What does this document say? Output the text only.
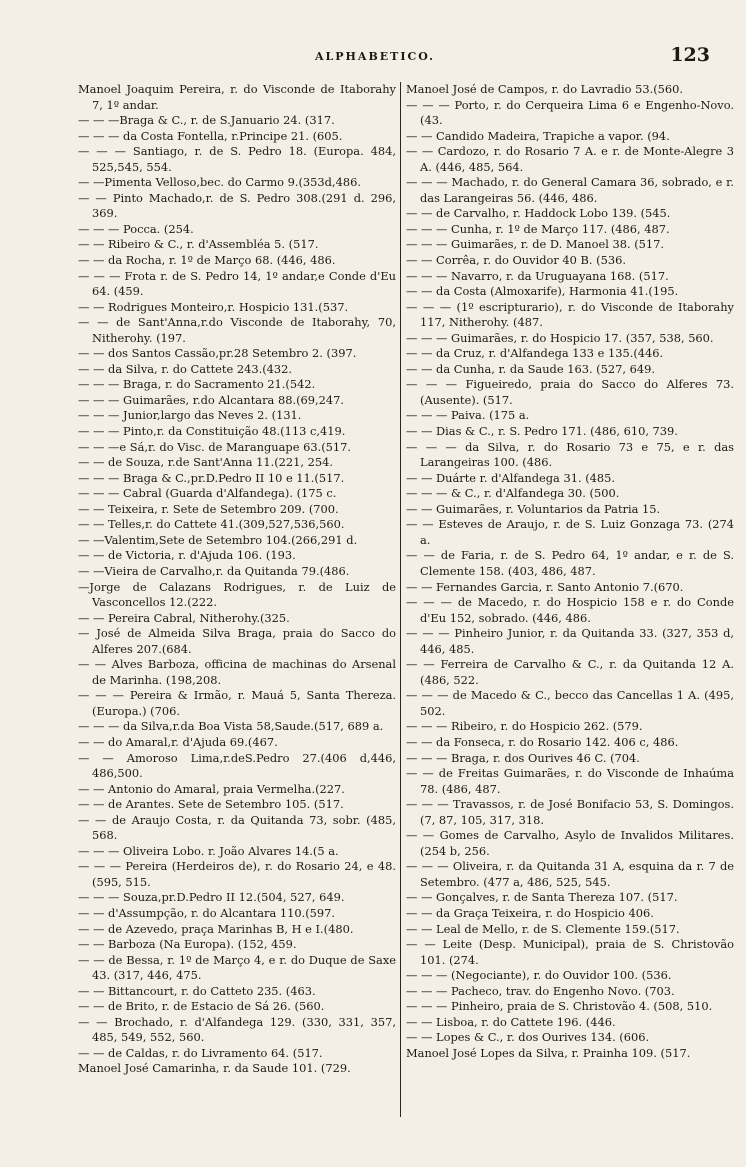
ALPHABETICO.	123
Manoel Joaquim Pereira, r. do Visconde de Itaborahy 7, 1º andar.
— — —Braga & C., r. de S.Januario 24. (317.
— — — da Costa Fontella, r.Principe 21. (605.
— — — Santiago, r. de S. Pedro 18. (Europa. 484, 525,545, 554.
— —Pimenta Velloso,bec. do Carmo 9.(353d,486.
— — Pinto Machado,r. de S. Pedro 308.(291 d. 296, 369.
— — — Pocca. (254.
— — Ribeiro & C., r. d'Assembléa 5. (517.
— — da Rocha, r. 1º de Março 68. (446, 486.
— — — Frota r. de S. Pedro 14, 1º andar,e Conde d'Eu 64. (459.
— — Rodrigues Monteiro,r. Hospicio 131.(537.
— — de Sant'Anna,r.do Visconde de Itaborahy, 70, Nitherohy. (197.
— — dos Santos Cassão,pr.28 Setembro 2. (397.
— — da Silva, r. do Cattete 243.(432.
— — — Braga, r. do Sacramento 21.(542.
— — — Guimarães, r.do Alcantara 88.(69,247.
— — — Junior,largo das Neves 2. (131.
— — — Pinto,r. da Constituição 48.(113 c,419.
— — —e Sá,r. do Visc. de Maranguape 63.(517.
— — de Souza, r.de Sant'Anna 11.(221, 254.
— — — Braga & C.,pr.D.Pedro II 10 e 11.(517.
— — — Cabral (Guarda d'Alfandega). (175 c.
— — Teixeira, r. Sete de Setembro 209. (700.
— — Telles,r. do Cattete 41.(309,527,536,560.
— —Valentim,Sete de Setembro 104.(266,291 d.
— — de Victoria, r. d'Ajuda 106. (193.
— —Vieira de Carvalho,r. da Quitanda 79.(486.
—Jorge de Calazans Rodrigues, r. de Luiz de Vasconcellos 12.(222.
— — Pereira Cabral, Nitherohy.(325.
— José de Almeida Silva Braga, praia do Sacco do Alferes 207.(684.
— — Alves Barboza, officina de machinas do Arsenal de Marinha. (198,208.
— — — Pereira & Irmão, r. Mauá 5, Santa Thereza. (Europa.) (706.
— — — da Silva,r.da Boa Vista 58,Saude.(517, 689 a.
— — do Amaral,r. d'Ajuda 69.(467.
— — Amoroso Lima,r.deS.Pedro 27.(406 d,446, 486,500.
— — Antonio do Amaral, praia Vermelha.(227.
— — de Arantes. Sete de Setembro 105. (517.
— — de Araujo Costa, r. da Quitanda 73, sobr. (485, 568.
— — — Oliveira Lobo. r. João Alvares 14.(5 a.
— — — Pereira (Herdeiros de), r. do Rosario 24, e 48. (595, 515.
— — — Souza,pr.D.Pedro II 12.(504, 527, 649.
— — d'Assumpção, r. do Alcantara 110.(597.
— — de Azevedo, praça Marinhas B, H e I.(480.
— — Barboza (Na Europa). (152, 459.
— — de Bessa, r. 1º de Março 4, e r. do Duque de Saxe 43. (317, 446, 475.
— — Bittancourt, r. do Catteto 235. (463.
— — de Brito, r. de Estacio de Sá 26. (560.
— — Brochado, r. d'Alfandega 129. (330, 331, 357, 485, 549, 552, 560.
— — de Caldas, r. do Livramento 64. (517.
Manoel José Camarinha, r. da Saude 101. (729.
Manoel José de Campos, r. do Lavradio 53.(560.
— — — Porto, r. do Cerqueira Lima 6 e Engenho-Novo. (43.
— — Candido Madeira, Trapiche a vapor. (94.
— — Cardozo, r. do Rosario 7 A. e r. de Monte-Alegre 3 A. (446, 485, 564.
— — — Machado, r. do General Camara 36, sobrado, e r. das Larangeiras 56. (446, 486.
— — de Carvalho, r. Haddock Lobo 139. (545.
— — — Cunha, r. 1º de Março 117. (486, 487.
— — — Guimarães, r. de D. Manoel 38. (517.
— — Corrêa, r. do Ouvidor 40 B. (536.
— — — Navarro, r. da Uruguayana 168. (517.
— — da Costa (Almoxarife), Harmonia 41.(195.
— — — (1º escripturario), r. do Visconde de Itaborahy 117, Nitherohy. (487.
— — — Guimarães, r. do Hospicio 17. (357, 538, 560.
— — da Cruz, r. d'Alfandega 133 e 135.(446.
— — da Cunha, r. da Saude 163. (527, 649.
— — — Figueiredo, praia do Sacco do Alferes 73. (Ausente). (517.
— — — Paiva. (175 a.
— — Dias & C., r. S. Pedro 171. (486, 610, 739.
— — — da Silva, r. do Rosario 73 e 75, e r. das Larangeiras 100. (486.
— — Duárte r. d'Alfandega 31. (485.
— — — & C., r. d'Alfandega 30. (500.
— — Guimarães, r. Voluntarios da Patria 15.
— — Esteves de Araujo, r. de S. Luiz Gonzaga 73. (274 a.
— — de Faria, r. de S. Pedro 64, 1º andar, e r. de S. Clemente 158. (403, 486, 487.
— — Fernandes Garcia, r. Santo Antonio 7.(670.
— — — de Macedo, r. do Hospicio 158 e r. do Conde d'Eu 152, sobrado. (446, 486.
— — — Pinheiro Junior, r. da Quitanda 33. (327, 353 d, 446, 485.
— — Ferreira de Carvalho & C., r. da Quitanda 12 A. (486, 522.
— — — de Macedo & C., becco das Cancellas 1 A. (495, 502.
— — — Ribeiro, r. do Hospicio 262. (579.
— — da Fonseca, r. do Rosario 142. 406 c, 486.
— — — Braga, r. dos Ourives 46 C. (704.
— — de Freitas Guimarães, r. do Visconde de Inhaúma 78. (486, 487.
— — — Travassos, r. de José Bonifacio 53, S. Domingos. (7, 87, 105, 317, 318.
— — Gomes de Carvalho, Asylo de Invalidos Militares. (254 b, 256.
— — — Oliveira, r. da Quitanda 31 A, esquina da r. 7 de Setembro. (477 a, 486, 525, 545.
— — Gonçalves, r. de Santa Thereza 107. (517.
— — da Graça Teixeira, r. do Hospicio 406.
— — Leal de Mello, r. de S. Clemente 159.(517.
— — Leite (Desp. Municipal), praia de S. Christovão 101. (274.
— — — (Negociante), r. do Ouvidor 100. (536.
— — — Pacheco, trav. do Engenho Novo. (703.
— — — Pinheiro, praia de S. Christovão 4. (508, 510.
— — Lisboa, r. do Cattete 196. (446.
— — Lopes & C., r. dos Ourives 134. (606.
Manoel José Lopes da Silva, r. Prainha 109. (517.
